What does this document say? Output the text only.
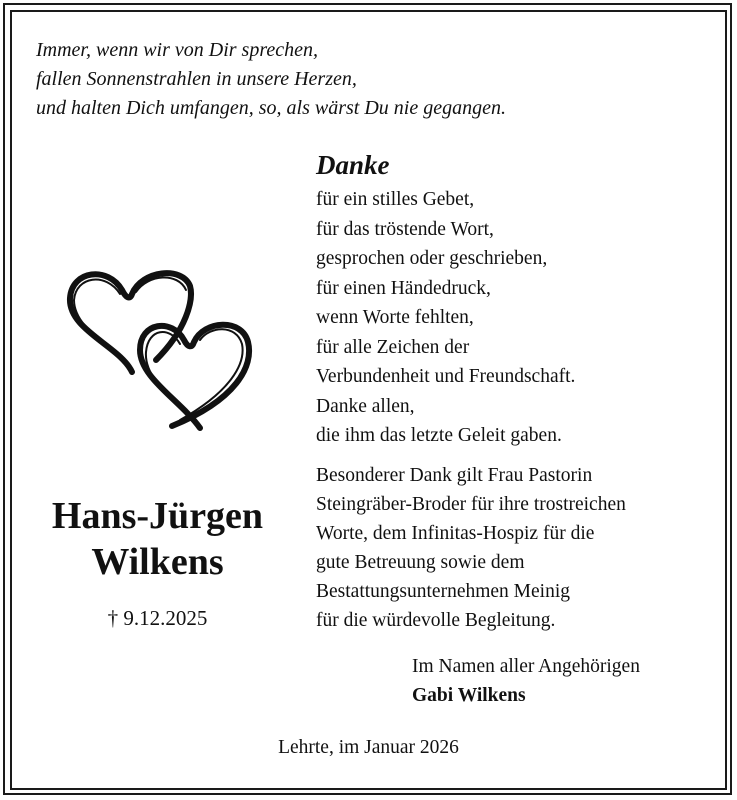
Immer, wenn wir von Dir sprechen,
fallen Sonnenstrahlen in unsere Herzen,
und halten Dich umfangen, so, als wärst Du nie gegangen.
Danke
für ein stilles Gebet,
für das tröstende Wort,
gesprochen oder geschrieben,
für einen Händedruck,
wenn Worte fehlten,
für alle Zeichen der
Verbundenheit und Freundschaft.
Danke allen,
die ihm das letzte Geleit gaben.
Hans-Jürgen
Wilkens
† 9.12.2025
Besonderer Dank gilt Frau Pastorin
Steingräber-Broder für ihre trostreichen
Worte, dem Infinitas-Hospiz für die
gute Betreuung sowie dem
Bestattungsunternehmen Meinig
für die würdevolle Begleitung.
Im Namen aller Angehörigen
Gabi Wilkens
Lehrte, im Januar 2026
